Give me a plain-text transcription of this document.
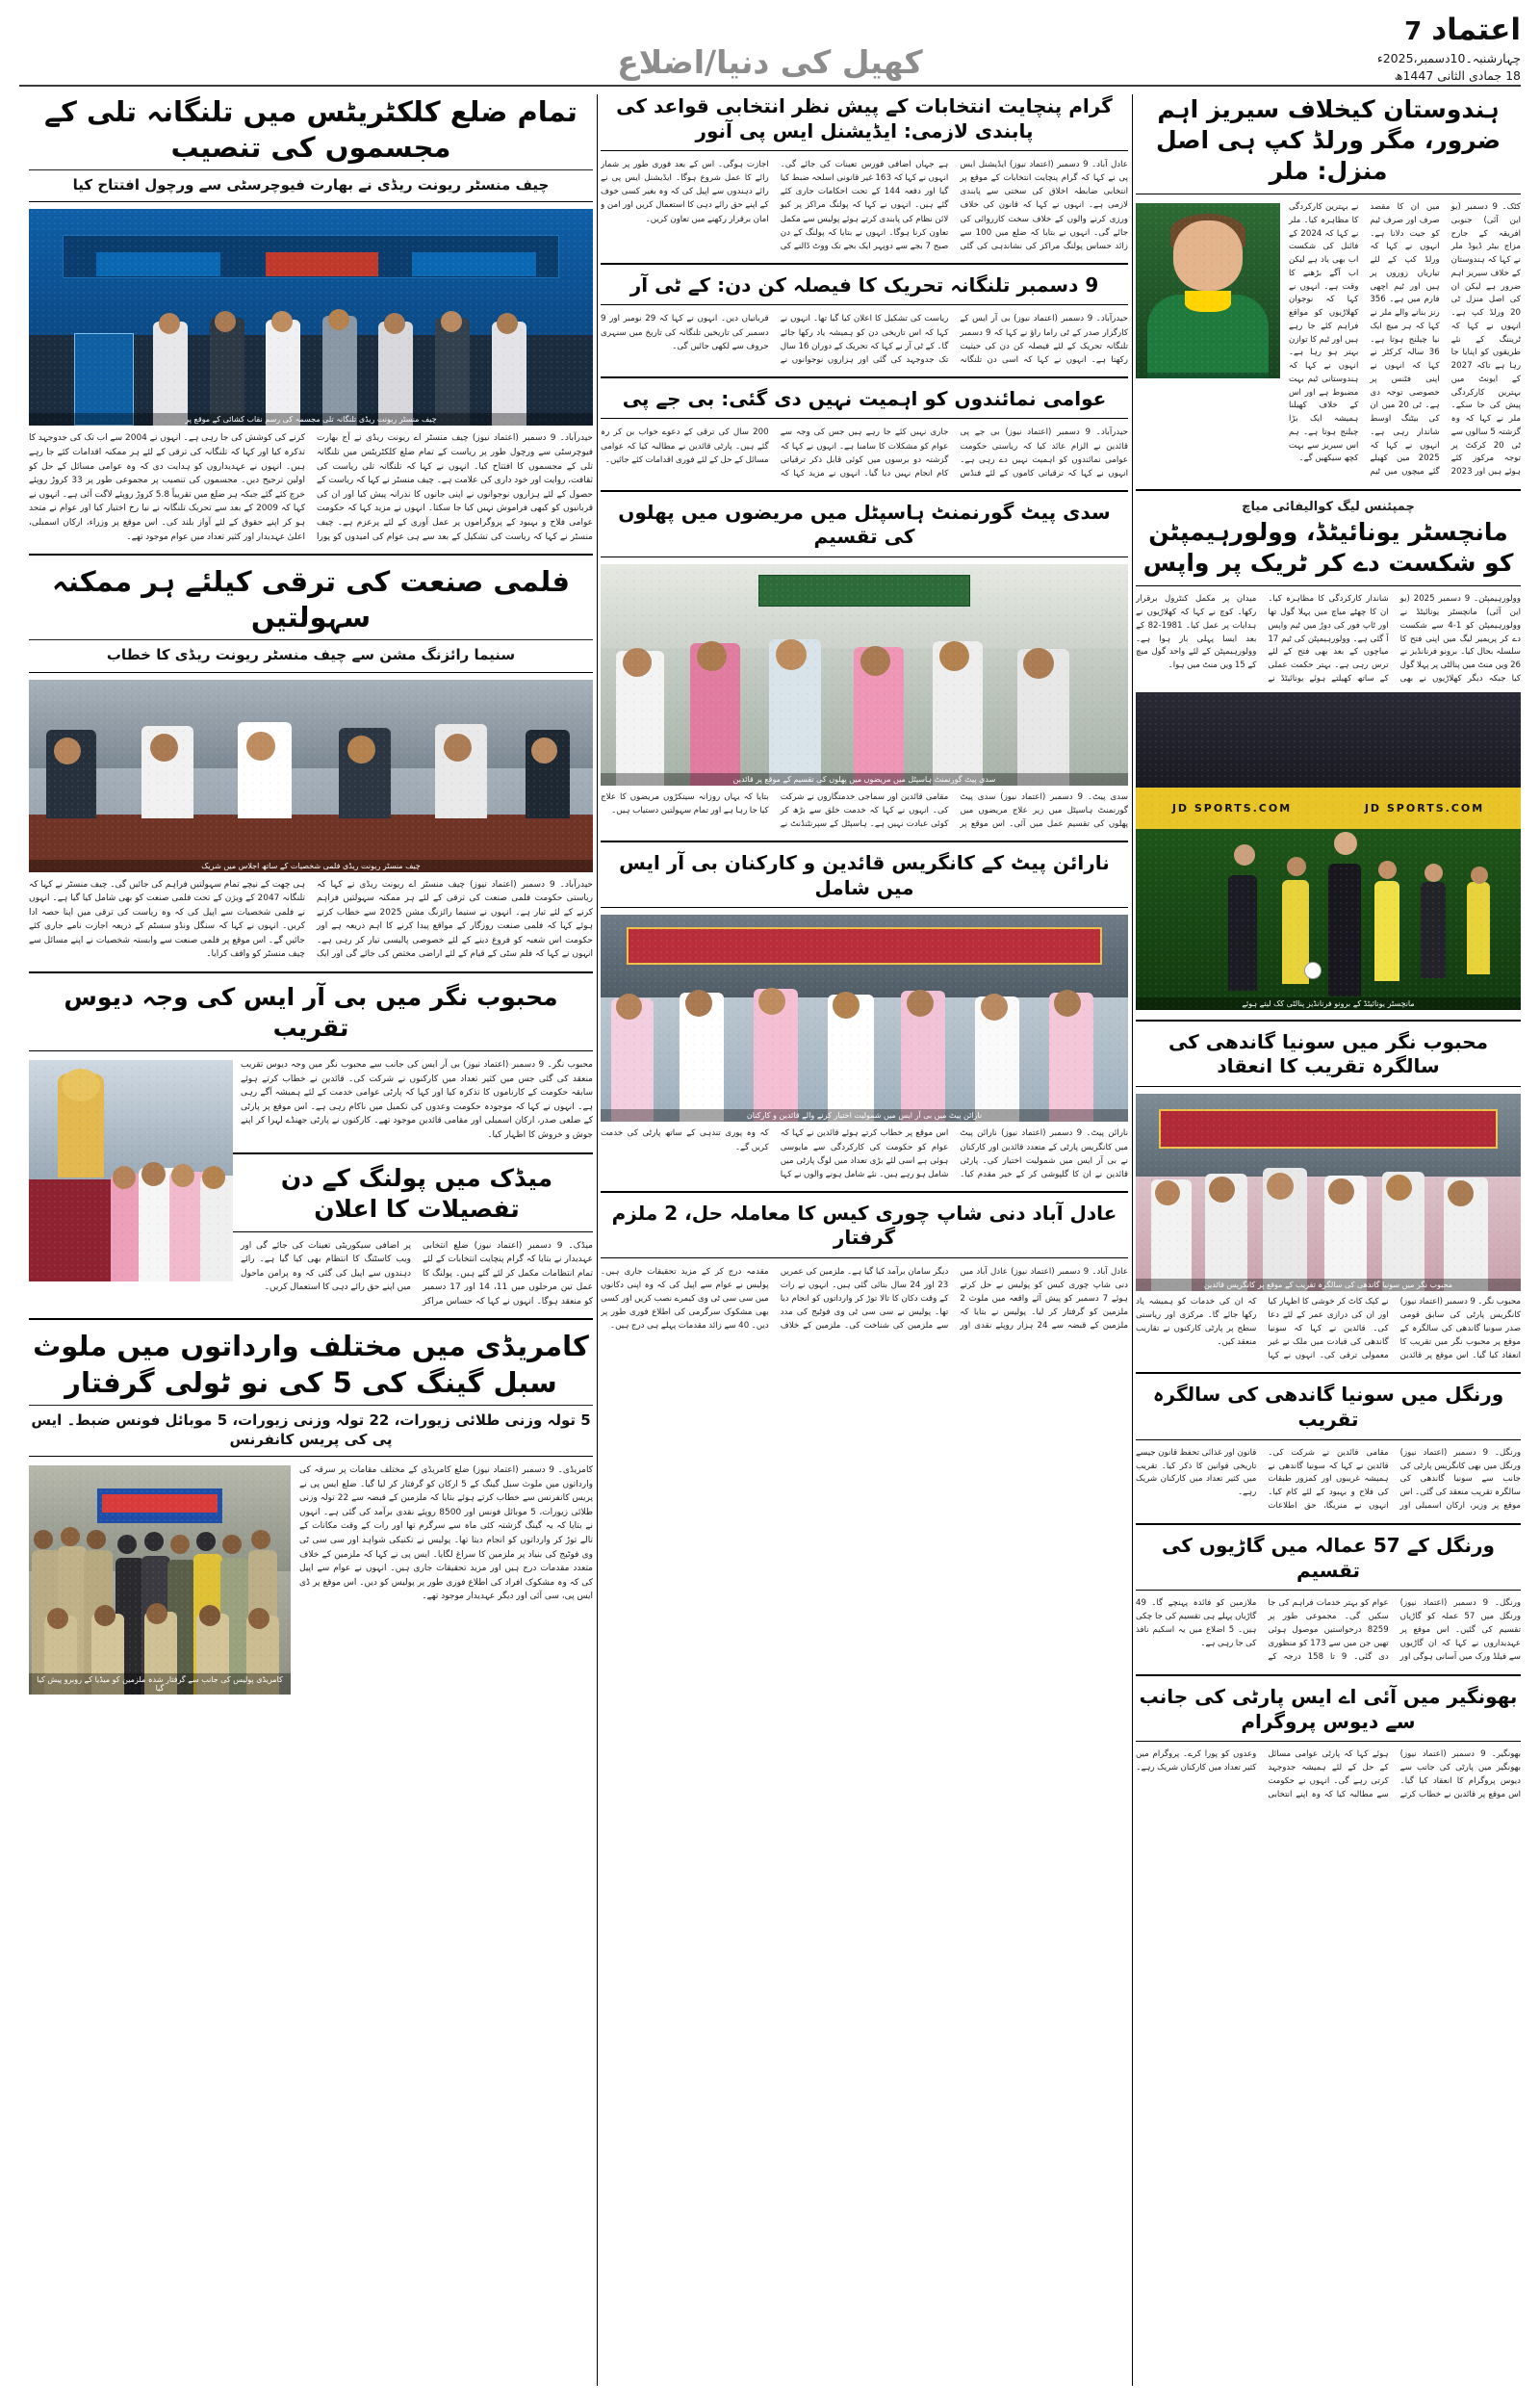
اعتماد
7
چہارشنبہ۔10دسمبر،2025ء
18 جمادی الثانی 1447ھ
کھیل کی دنیا/اضلاع
ہندوستان کیخلاف سیریز اہم ضرور، مگر ورلڈ کپ ہی اصل منزل: ملر
کٹک۔ 9 دسمبر (یو این آئی) جنوبی افریقہ کے جارح مزاج بیٹر ڈیوڈ ملر نے کہا کہ ہندوستان کے خلاف سیریز اہم ضرور ہے لیکن ان کی اصل منزل ٹی 20 ورلڈ کپ ہے۔ انہوں نے کہا کہ ٹریننگ کے نئے طریقوں کو اپنایا جا رہا ہے تاکہ 2027 کے ایونٹ میں بہترین کارکردگی پیش کی جا سکے۔ ملر نے کہا کہ وہ گزشتہ 5 سالوں سے ٹی 20 کرکٹ پر توجہ مرکوز کئے ہوئے ہیں اور 2023 میں ان کا مقصد صرف اور صرف ٹیم کو جیت دلانا ہے۔ انہوں نے کہا کہ ورلڈ کپ کے لئے تیاریاں زوروں پر ہیں اور ٹیم اچھی فارم میں ہے۔ 356 رنز بنانے والے ملر نے کہا کہ ہر میچ ایک نیا چیلنج ہوتا ہے۔ 36 سالہ کرکٹر نے کہا کہ انہوں نے اپنی فٹنس پر خصوصی توجہ دی ہے۔ ٹی 20 میں ان کی بیٹنگ اوسط شاندار رہی ہے۔ انہوں نے کہا کہ 2025 میں کھیلے گئے میچوں میں ٹیم نے بہترین کارکردگی کا مظاہرہ کیا۔ ملر نے کہا کہ 2024 کے فائنل کی شکست اب بھی یاد ہے لیکن اب آگے بڑھنے کا وقت ہے۔ انہوں نے کہا کہ نوجوان کھلاڑیوں کو مواقع فراہم کئے جا رہے ہیں اور ٹیم کا توازن بہتر ہو رہا ہے۔ انہوں نے کہا کہ ہندوستانی ٹیم بہت مضبوط ہے اور اس کے خلاف کھیلنا ہمیشہ ایک بڑا چیلنج ہوتا ہے۔ ہم اس سیریز سے بہت کچھ سیکھیں گے۔
چمپئنس لیگ کوالیفائی میاچ
مانچسٹر یونائیٹڈ، وولورہیمپٹن کو شکست دے کر ٹریک پر واپس
وولورہیمپٹن۔ 9 دسمبر 2025 (یو این آئی) مانچسٹر یونائیٹڈ نے وولورہیمپٹن کو 1-4 سے شکست دے کر پریمیر لیگ میں اپنی فتح کا سلسلہ بحال کیا۔ برونو فرنانڈیز نے 26 ویں منٹ میں پنالٹی پر پہلا گول کیا جبکہ دیگر کھلاڑیوں نے بھی شاندار کارکردگی کا مظاہرہ کیا۔ ان کا چھٹے میاچ میں پہلا گول تھا اور ٹاپ فور کی دوڑ میں ٹیم واپس آ گئی ہے۔ وولورہیمپٹن کی ٹیم 17 میاچوں کے بعد بھی فتح کے لئے ترس رہی ہے۔ بہتر حکمت عملی کے ساتھ کھیلتے ہوئے یونائیٹڈ نے میدان پر مکمل کنٹرول برقرار رکھا۔ کوچ نے کہا کہ کھلاڑیوں نے ہدایات پر عمل کیا۔ 1981-82 کے بعد ایسا پہلی بار ہوا ہے۔ وولورہیمپٹن کے لئے واحد گول میچ کے 15 ویں منٹ میں ہوا۔
JD SPORTS.COM	JD SPORTS.COM
مانچسٹر یونائیٹڈ کے برونو فرنانڈیز پنالٹی کک لیتے ہوئے
محبوب نگر میں سونیا گاندھی کی سالگرہ تقریب کا انعقاد
محبوب نگر میں سونیا گاندھی کی سالگرہ تقریب کے موقع پر کانگریس قائدین
محبوب نگر۔ 9 دسمبر (اعتماد نیوز) کانگریس پارٹی کی سابق قومی صدر سونیا گاندھی کی سالگرہ کے موقع پر محبوب نگر میں تقریب کا انعقاد کیا گیا۔ اس موقع پر قائدین نے کیک کاٹ کر خوشی کا اظہار کیا اور ان کی درازی عمر کے لئے دعا کی۔ قائدین نے کہا کہ سونیا گاندھی کی قیادت میں ملک نے غیر معمولی ترقی کی۔ انہوں نے کہا کہ ان کی خدمات کو ہمیشہ یاد رکھا جائے گا۔ مرکزی اور ریاستی سطح پر پارٹی کارکنوں نے تقاریب منعقد کیں۔
ورنگل میں سونیا گاندھی کی سالگرہ تقریب
ورنگل۔ 9 دسمبر (اعتماد نیوز) ورنگل میں بھی کانگریس پارٹی کی جانب سے سونیا گاندھی کی سالگرہ تقریب منعقد کی گئی۔ اس موقع پر وزیر، ارکان اسمبلی اور مقامی قائدین نے شرکت کی۔ قائدین نے کہا کہ سونیا گاندھی نے ہمیشہ غریبوں اور کمزور طبقات کی فلاح و بہبود کے لئے کام کیا۔ انہوں نے منریگا، حق اطلاعات قانون اور غذائی تحفظ قانون جیسے تاریخی قوانین کا ذکر کیا۔ تقریب میں کثیر تعداد میں کارکنان شریک رہے۔
ورنگل کے 57 عمالہ میں گاڑیوں کی تقسیم
ورنگل۔ 9 دسمبر (اعتماد نیوز) ورنگل میں 57 عملہ کو گاڑیاں تقسیم کی گئیں۔ اس موقع پر عہدیداروں نے کہا کہ ان گاڑیوں سے فیلڈ ورک میں آسانی ہوگی اور عوام کو بہتر خدمات فراہم کی جا سکیں گی۔ مجموعی طور پر 8259 درخواستیں موصول ہوئی تھیں جن میں سے 173 کو منظوری دی گئی۔ 9 تا 158 درجہ کے ملازمین کو فائدہ پہنچے گا۔ 49 گاڑیاں پہلے ہی تقسیم کی جا چکی ہیں۔ 5 اضلاع میں یہ اسکیم نافذ کی جا رہی ہے۔
بھونگیر میں آئی اے ایس پارٹی کی جانب سے دیوس پروگرام
بھونگیر۔ 9 دسمبر (اعتماد نیوز) بھونگیر میں پارٹی کی جانب سے دیوس پروگرام کا انعقاد کیا گیا۔ اس موقع پر قائدین نے خطاب کرتے ہوئے کہا کہ پارٹی عوامی مسائل کے حل کے لئے ہمیشہ جدوجہد کرتی رہے گی۔ انہوں نے حکومت سے مطالبہ کیا کہ وہ اپنے انتخابی وعدوں کو پورا کرے۔ پروگرام میں کثیر تعداد میں کارکنان شریک رہے۔
گرام پنچایت انتخابات کے پیش نظر انتخابی قواعد کی پابندی لازمی: ایڈیشنل ایس پی آنور
عادل آباد۔ 9 دسمبر (اعتماد نیوز) ایڈیشنل ایس پی نے کہا کہ گرام پنچایت انتخابات کے موقع پر انتخابی ضابطہ اخلاق کی سختی سے پابندی لازمی ہے۔ انہوں نے کہا کہ قانون کی خلاف ورزی کرنے والوں کے خلاف سخت کارروائی کی جائے گی۔ انہوں نے بتایا کہ ضلع میں 100 سے زائد حساس پولنگ مراکز کی نشاندہی کی گئی ہے جہاں اضافی فورس تعینات کی جائے گی۔ انہوں نے کہا کہ 163 غیر قانونی اسلحہ ضبط کیا گیا اور دفعہ 144 کے تحت احکامات جاری کئے گئے ہیں۔ انہوں نے کہا کہ پولنگ مراکز پر کیو لائن نظام کی پابندی کرتے ہوئے پولیس سے مکمل تعاون کرنا ہوگا۔ انہوں نے بتایا کہ پولنگ کے دن صبح 7 بجے سے دوپہر ایک بجے تک ووٹ ڈالنے کی اجازت ہوگی۔ اس کے بعد فوری طور پر شمار رائے کا عمل شروع ہوگا۔ ایڈیشنل ایس پی نے رائے دہندوں سے اپیل کی کہ وہ بغیر کسی خوف کے اپنے حق رائے دہی کا استعمال کریں اور امن و امان برقرار رکھنے میں تعاون کریں۔
9 دسمبر تلنگانہ تحریک کا فیصلہ کن دن: کے ٹی آر
حیدرآباد۔ 9 دسمبر (اعتماد نیوز) بی آر ایس کے کارگزار صدر کے ٹی راما راؤ نے کہا کہ 9 دسمبر تلنگانہ تحریک کے لئے فیصلہ کن دن کی حیثیت رکھتا ہے۔ انہوں نے کہا کہ اسی دن تلنگانہ ریاست کی تشکیل کا اعلان کیا گیا تھا۔ انہوں نے کہا کہ اس تاریخی دن کو ہمیشہ یاد رکھا جائے گا۔ کے ٹی آر نے کہا کہ تحریک کے دوران 16 سال تک جدوجہد کی گئی اور ہزاروں نوجوانوں نے قربانیاں دیں۔ انہوں نے کہا کہ 29 نومبر اور 9 دسمبر کی تاریخیں تلنگانہ کی تاریخ میں سنہری حروف سے لکھی جائیں گی۔
عوامی نمائندوں کو اہمیت نہیں دی گئی: بی جے پی
حیدرآباد۔ 9 دسمبر (اعتماد نیوز) بی جے پی قائدین نے الزام عائد کیا کہ ریاستی حکومت عوامی نمائندوں کو اہمیت نہیں دے رہی ہے۔ انہوں نے کہا کہ ترقیاتی کاموں کے لئے فنڈس جاری نہیں کئے جا رہے ہیں جس کی وجہ سے عوام کو مشکلات کا سامنا ہے۔ انہوں نے کہا کہ گزشتہ دو برسوں میں کوئی قابل ذکر ترقیاتی کام انجام نہیں دیا گیا۔ انہوں نے مزید کہا کہ 200 سال کی ترقی کے دعوے خواب بن کر رہ گئے ہیں۔ پارٹی قائدین نے مطالبہ کیا کہ عوامی مسائل کے حل کے لئے فوری اقدامات کئے جائیں۔
سدی پیٹ گورنمنٹ ہاسپٹل میں مریضوں میں پھلوں کی تقسیم
سدی پیٹ گورنمنٹ ہاسپٹل میں مریضوں میں پھلوں کی تقسیم کے موقع پر قائدین
سدی پیٹ۔ 9 دسمبر (اعتماد نیوز) سدی پیٹ گورنمنٹ ہاسپٹل میں زیر علاج مریضوں میں پھلوں کی تقسیم عمل میں آئی۔ اس موقع پر مقامی قائدین اور سماجی خدمتگاروں نے شرکت کی۔ انہوں نے کہا کہ خدمت خلق سے بڑھ کر کوئی عبادت نہیں ہے۔ ہاسپٹل کے سپرنٹنڈنٹ نے بتایا کہ یہاں روزانہ سینکڑوں مریضوں کا علاج کیا جا رہا ہے اور تمام سہولتیں دستیاب ہیں۔
نارائن پیٹ کے کانگریس قائدین و کارکنان بی آر ایس میں شامل
نارائن پیٹ میں بی آر ایس میں شمولیت اختیار کرنے والے قائدین و کارکنان
نارائن پیٹ۔ 9 دسمبر (اعتماد نیوز) نارائن پیٹ میں کانگریس پارٹی کے متعدد قائدین اور کارکنان نے بی آر ایس میں شمولیت اختیار کی۔ پارٹی قائدین نے ان کا گلپوشی کر کے خیر مقدم کیا۔ اس موقع پر خطاب کرتے ہوئے قائدین نے کہا کہ عوام کو حکومت کی کارکردگی سے مایوسی ہوئی ہے اسی لئے بڑی تعداد میں لوگ پارٹی میں شامل ہو رہے ہیں۔ نئے شامل ہونے والوں نے کہا کہ وہ پوری تندہی کے ساتھ پارٹی کی خدمت کریں گے۔
عادل آباد دنی شاپ چوری کیس کا معاملہ حل، 2 ملزم گرفتار
عادل آباد۔ 9 دسمبر (اعتماد نیوز) عادل آباد میں دنی شاپ چوری کیس کو پولیس نے حل کرتے ہوئے 7 دسمبر کو پیش آئے واقعہ میں ملوث 2 ملزمین کو گرفتار کر لیا۔ پولیس نے بتایا کہ ملزمین کے قبضہ سے 24 ہزار روپئے نقدی اور دیگر سامان برآمد کیا گیا ہے۔ ملزمین کی عمریں 23 اور 24 سال بتائی گئی ہیں۔ انہوں نے رات کے وقت دکان کا تالا توڑ کر وارداتوں کو انجام دیا تھا۔ پولیس نے سی سی ٹی وی فوٹیج کی مدد سے ملزمین کی شناخت کی۔ ملزمین کے خلاف مقدمہ درج کر کے مزید تحقیقات جاری ہیں۔ پولیس نے عوام سے اپیل کی کہ وہ اپنی دکانوں میں سی سی ٹی وی کیمرے نصب کریں اور کسی بھی مشکوک سرگرمی کی اطلاع فوری طور پر دیں۔ 40 سے زائد مقدمات پہلے ہی درج ہیں۔
تمام ضلع کلکٹریٹس میں تلنگانہ تلی کے مجسموں کی تنصیب
چیف منسٹر ریونت ریڈی نے بھارت فیوچرسٹی سے ورچول افتتاح کیا
چیف منسٹر ریونت ریڈی تلنگانہ تلی مجسمہ کی رسم نقاب کشائی کے موقع پر
حیدرآباد۔ 9 دسمبر (اعتماد نیوز) چیف منسٹر اے ریونت ریڈی نے آج بھارت فیوچرسٹی سے ورچول طور پر ریاست کے تمام ضلع کلکٹریٹس میں تلنگانہ تلی کے مجسموں کا افتتاح کیا۔ انہوں نے کہا کہ تلنگانہ تلی ریاست کی ثقافت، روایت اور خود داری کی علامت ہے۔ چیف منسٹر نے کہا کہ ریاست کے حصول کے لئے ہزاروں نوجوانوں نے اپنی جانوں کا نذرانہ پیش کیا اور ان کی قربانیوں کو کبھی فراموش نہیں کیا جا سکتا۔ انہوں نے مزید کہا کہ حکومت عوامی فلاح و بہبود کے پروگراموں پر عمل آوری کے لئے پرعزم ہے۔ چیف منسٹر نے کہا کہ ریاست کی تشکیل کے بعد سے ہی عوام کی امیدوں کو پورا کرنے کی کوشش کی جا رہی ہے۔ انہوں نے 2004 سے اب تک کی جدوجہد کا تذکرہ کیا اور کہا کہ تلنگانہ کی ترقی کے لئے ہر ممکنہ اقدامات کئے جا رہے ہیں۔ انہوں نے عہدیداروں کو ہدایت دی کہ وہ عوامی مسائل کے حل کو اولین ترجیح دیں۔ مجسموں کی تنصیب پر مجموعی طور پر 33 کروڑ روپئے خرچ کئے گئے جبکہ ہر ضلع میں تقریباً 5.8 کروڑ روپئے لاگت آئی ہے۔ انہوں نے کہا کہ 2009 کے بعد سے تحریک تلنگانہ نے نیا رخ اختیار کیا اور عوام نے متحد ہو کر اپنے حقوق کے لئے آواز بلند کی۔ اس موقع پر وزراء، ارکان اسمبلی، اعلیٰ عہدیدار اور کثیر تعداد میں عوام موجود تھے۔
فلمی صنعت کی ترقی کیلئے ہر ممکنہ سہولتیں
سنیما رائزنگ مشن سے چیف منسٹر ریونت ریڈی کا خطاب
چیف منسٹر ریونت ریڈی فلمی شخصیات کے ساتھ اجلاس میں شریک
حیدرآباد۔ 9 دسمبر (اعتماد نیوز) چیف منسٹر اے ریونت ریڈی نے کہا کہ ریاستی حکومت فلمی صنعت کی ترقی کے لئے ہر ممکنہ سہولتیں فراہم کرنے کے لئے تیار ہے۔ انہوں نے سنیما رائزنگ مشن 2025 سے خطاب کرتے ہوئے کہا کہ فلمی صنعت روزگار کے مواقع پیدا کرنے کا اہم ذریعہ ہے اور حکومت اس شعبہ کو فروغ دینے کے لئے خصوصی پالیسی تیار کر رہی ہے۔ انہوں نے کہا کہ فلم سٹی کے قیام کے لئے اراضی مختص کی جائے گی اور ایک ہی چھت کے نیچے تمام سہولتیں فراہم کی جائیں گی۔ چیف منسٹر نے کہا کہ تلنگانہ 2047 کے ویژن کے تحت فلمی صنعت کو بھی شامل کیا گیا ہے۔ انہوں نے فلمی شخصیات سے اپیل کی کہ وہ ریاست کی ترقی میں اپنا حصہ ادا کریں۔ انہوں نے کہا کہ سنگل ونڈو سسٹم کے ذریعہ اجازت نامے جاری کئے جائیں گے۔ اس موقع پر فلمی صنعت سے وابستہ شخصیات نے اپنے مسائل سے چیف منسٹر کو واقف کرایا۔
محبوب نگر میں بی آر ایس کی وجہ دیوس تقریب
محبوب نگر۔ 9 دسمبر (اعتماد نیوز) بی آر ایس کی جانب سے محبوب نگر میں وجہ دیوس تقریب منعقد کی گئی جس میں کثیر تعداد میں کارکنوں نے شرکت کی۔ قائدین نے خطاب کرتے ہوئے سابقہ حکومت کے کارناموں کا تذکرہ کیا اور کہا کہ پارٹی عوامی خدمت کے لئے ہمیشہ آگے رہی ہے۔ انہوں نے کہا کہ موجودہ حکومت وعدوں کی تکمیل میں ناکام رہی ہے۔ اس موقع پر پارٹی کے ضلعی صدر، ارکان اسمبلی اور مقامی قائدین موجود تھے۔ کارکنوں نے پارٹی جھنڈے لہرا کر اپنے جوش و خروش کا اظہار کیا۔
میڈک میں پولنگ کے دن تفصیلات کا اعلان
میڈک۔ 9 دسمبر (اعتماد نیوز) ضلع انتخابی عہدیدار نے بتایا کہ گرام پنچایت انتخابات کے لئے تمام انتظامات مکمل کر لئے گئے ہیں۔ پولنگ کا عمل تین مرحلوں میں 11، 14 اور 17 دسمبر کو منعقد ہوگا۔ انہوں نے کہا کہ حساس مراکز پر اضافی سیکوریٹی تعینات کی جائے گی اور ویب کاسٹنگ کا انتظام بھی کیا گیا ہے۔ رائے دہندوں سے اپیل کی گئی کہ وہ پرامن ماحول میں اپنے حق رائے دہی کا استعمال کریں۔
کامریڈی میں مختلف وارداتوں میں ملوث سبل گینگ کی 5 کی نو ٹولی گرفتار
5 تولہ وزنی طلائی زیورات، 22 تولہ وزنی زیورات، 5 موبائل فونس ضبط۔ ایس پی کی پریس کانفرنس
کامریڈی پولیس کی جانب سے گرفتار شدہ ملزمین کو میڈیا کے روبرو پیش کیا گیا
کامریڈی۔ 9 دسمبر (اعتماد نیوز) ضلع کامریڈی کے مختلف مقامات پر سرقہ کی وارداتوں میں ملوث سبل گینگ کے 5 ارکان کو گرفتار کر لیا گیا۔ ضلع ایس پی نے پریس کانفرنس سے خطاب کرتے ہوئے بتایا کہ ملزمین کے قبضہ سے 22 تولہ وزنی طلائی زیورات، 5 موبائل فونس اور 8500 روپئے نقدی برآمد کی گئی ہے۔ انہوں نے بتایا کہ یہ گینگ گزشتہ کئی ماہ سے سرگرم تھا اور رات کے وقت مکانات کے تالے توڑ کر وارداتوں کو انجام دیتا تھا۔ پولیس نے تکنیکی شواہد اور سی سی ٹی وی فوٹیج کی بنیاد پر ملزمین کا سراغ لگایا۔ ایس پی نے کہا کہ ملزمین کے خلاف متعدد مقدمات درج ہیں اور مزید تحقیقات جاری ہیں۔ انہوں نے عوام سے اپیل کی کہ وہ مشکوک افراد کی اطلاع فوری طور پر پولیس کو دیں۔ اس موقع پر ڈی ایس پی، سی آئی اور دیگر عہدیدار موجود تھے۔
